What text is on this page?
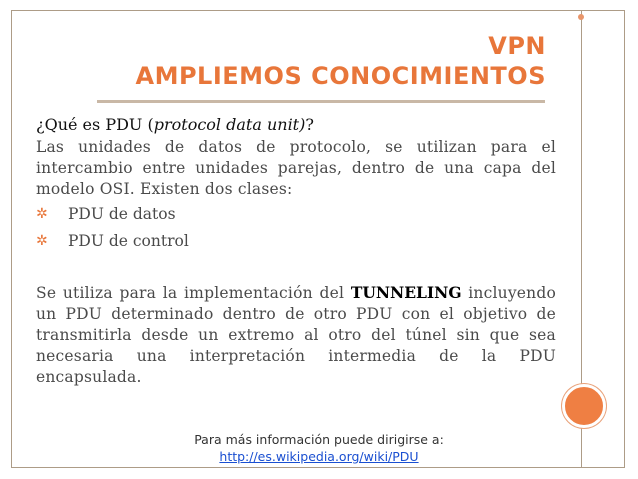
VPN
AMPLIEMOS CONOCIMIENTOS
¿Qué es PDU (protocol data unit)?
Las unidades de datos de protocolo, se utilizan para el intercambio entre unidades parejas, dentro de una capa del modelo OSI. Existen dos clases:
✲ PDU de datos
✲ PDU de control
Se utiliza para la implementación del TUNNELING incluyendo un PDU determinado dentro de otro PDU con el objetivo de transmitirla desde un extremo al otro del túnel sin que sea necesaria una interpretación intermedia de la PDU encapsulada.
Para más información puede dirigirse a:
http://es.wikipedia.org/wiki/PDU
